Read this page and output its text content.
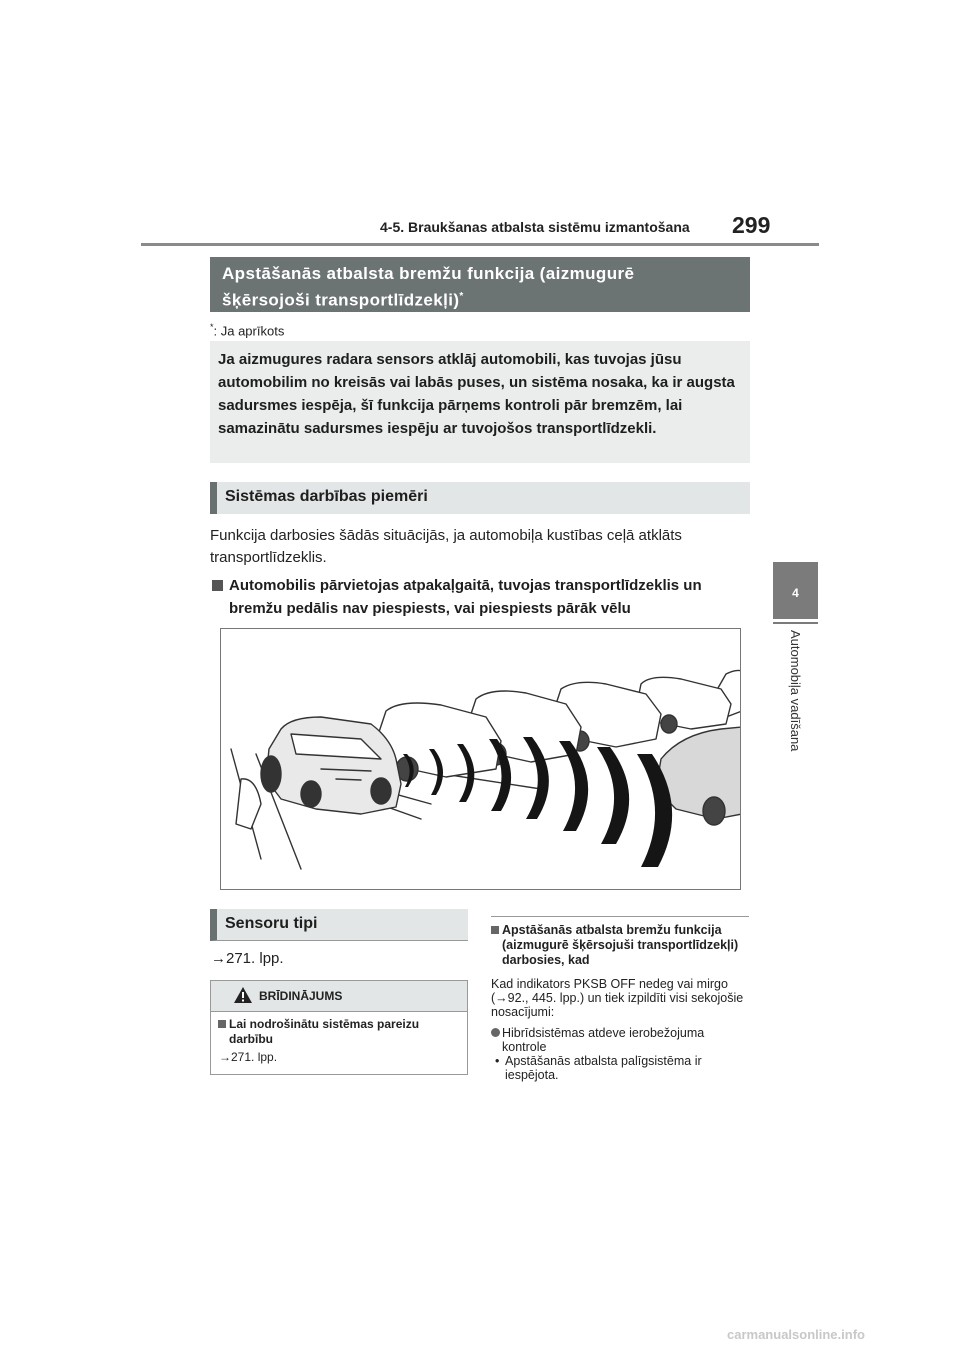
4-5. Braukšanas atbalsta sistēmu izmantošana 299
4
Automobiļa vadīšana
Apstāšanās atbalsta bremžu funkcija (aizmugurē
šķērsojoši transportlīdzekļi)*
*: Ja aprīkots
Ja aizmugures radara sensors atklāj automobili, kas tuvojas jūsu automobilim no kreisās vai labās puses, un sistēma nosaka, ka ir augsta sadursmes iespēja, šī funkcija pārņems kontroli pār bremzēm, lai samazinātu sadursmes iespēju ar tuvojošos transportlīdzekli.
Sistēmas darbības piemēri
Funkcija darbosies šādās situācijās, ja automobiļa kustības ceļā atklāts transportlīdzeklis.
Automobilis pārvietojas atpakaļgaitā, tuvojas transportlīdzeklis un bremžu pedālis nav piespiests, vai piespiests pārāk vēlu
Sensoru tipi
→271. lpp.
BRĪDINĀJUMS
Lai nodrošinātu sistēmas pareizu darbību
→271. lpp.
Apstāšanās atbalsta bremžu funkcija (aizmugurē šķērsojuši transportlīdzekļi) darbosies, kad
Kad indikators PKSB OFF nedeg vai mirgo (→92., 445. lpp.) un tiek izpildīti visi sekojošie nosacījumi:
Hibrīdsistēmas atdeve ierobežojuma kontrole
• Apstāšanās atbalsta palīgsistēma ir iespējota.
carmanualsonline.info
